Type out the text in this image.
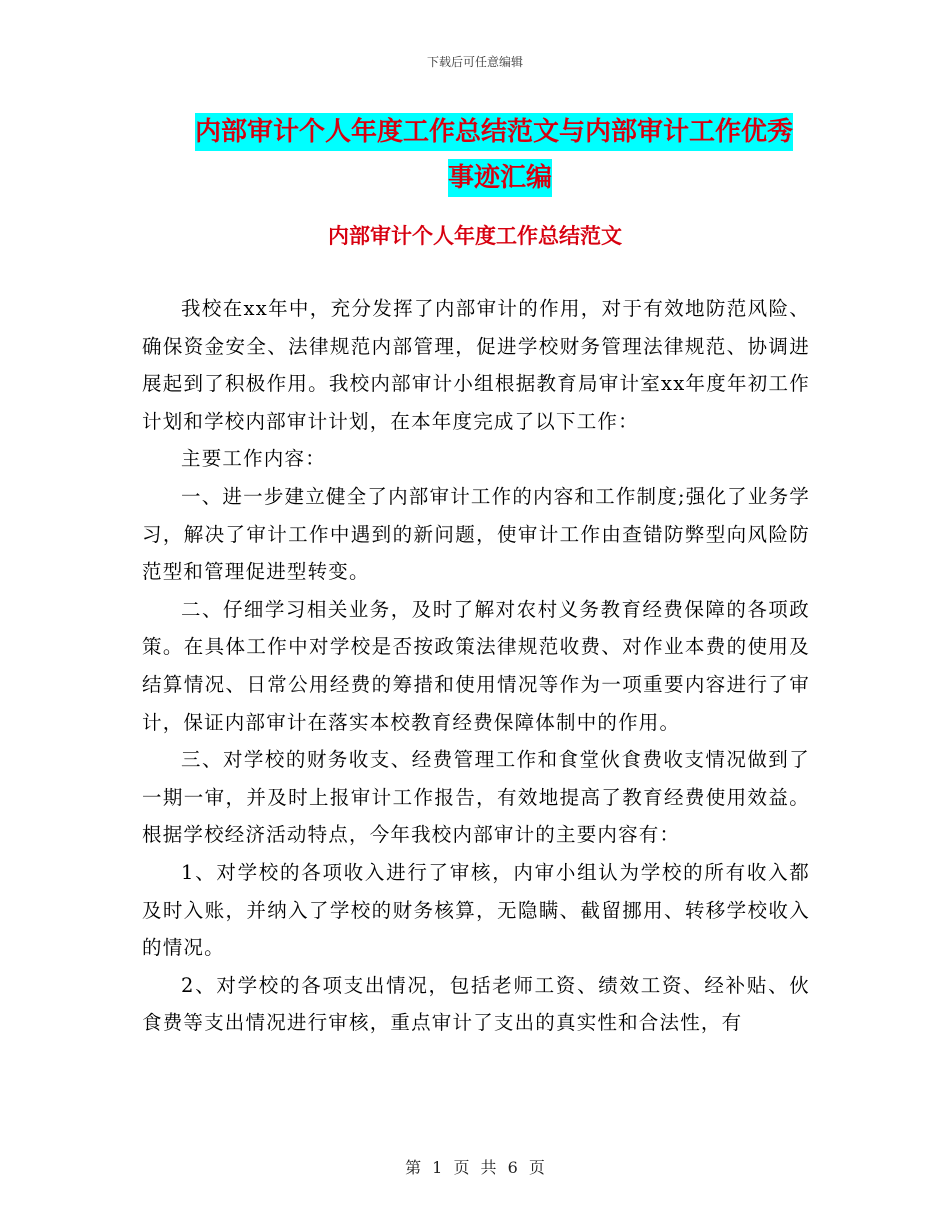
下载后可任意编辑
内部审计个人年度工作总结范文与内部审计工作优秀
事迹汇编
内部审计个人年度工作总结范文

我校在xx年中，充分发挥了内部审计的作用，对于有效地防范风险、确保资金安全、法律规范内部管理，促进学校财务管理法律规范、协调进展起到了积极作用。我校内部审计小组根据教育局审计室xx年度年初工作计划和学校内部审计计划，在本年度完成了以下工作：

主要工作内容：

一、进一步建立健全了内部审计工作的内容和工作制度;强化了业务学习，解决了审计工作中遇到的新问题，使审计工作由查错防弊型向风险防范型和管理促进型转变。

二、仔细学习相关业务，及时了解对农村义务教育经费保障的各项政策。在具体工作中对学校是否按政策法律规范收费、对作业本费的使用及结算情况、日常公用经费的筹措和使用情况等作为一项重要内容进行了审计，保证内部审计在落实本校教育经费保障体制中的作用。

三、对学校的财务收支、经费管理工作和食堂伙食费收支情况做到了一期一审，并及时上报审计工作报告，有效地提高了教育经费使用效益。根据学校经济活动特点，今年我校内部审计的主要内容有：

1、对学校的各项收入进行了审核，内审小组认为学校的所有收入都及时入账，并纳入了学校的财务核算，无隐瞒、截留挪用、转移学校收入的情况。

2、对学校的各项支出情况，包括老师工资、绩效工资、经补贴、伙食费等支出情况进行审核，重点审计了支出的真实性和合法性，有

第 1 页 共 6 页
